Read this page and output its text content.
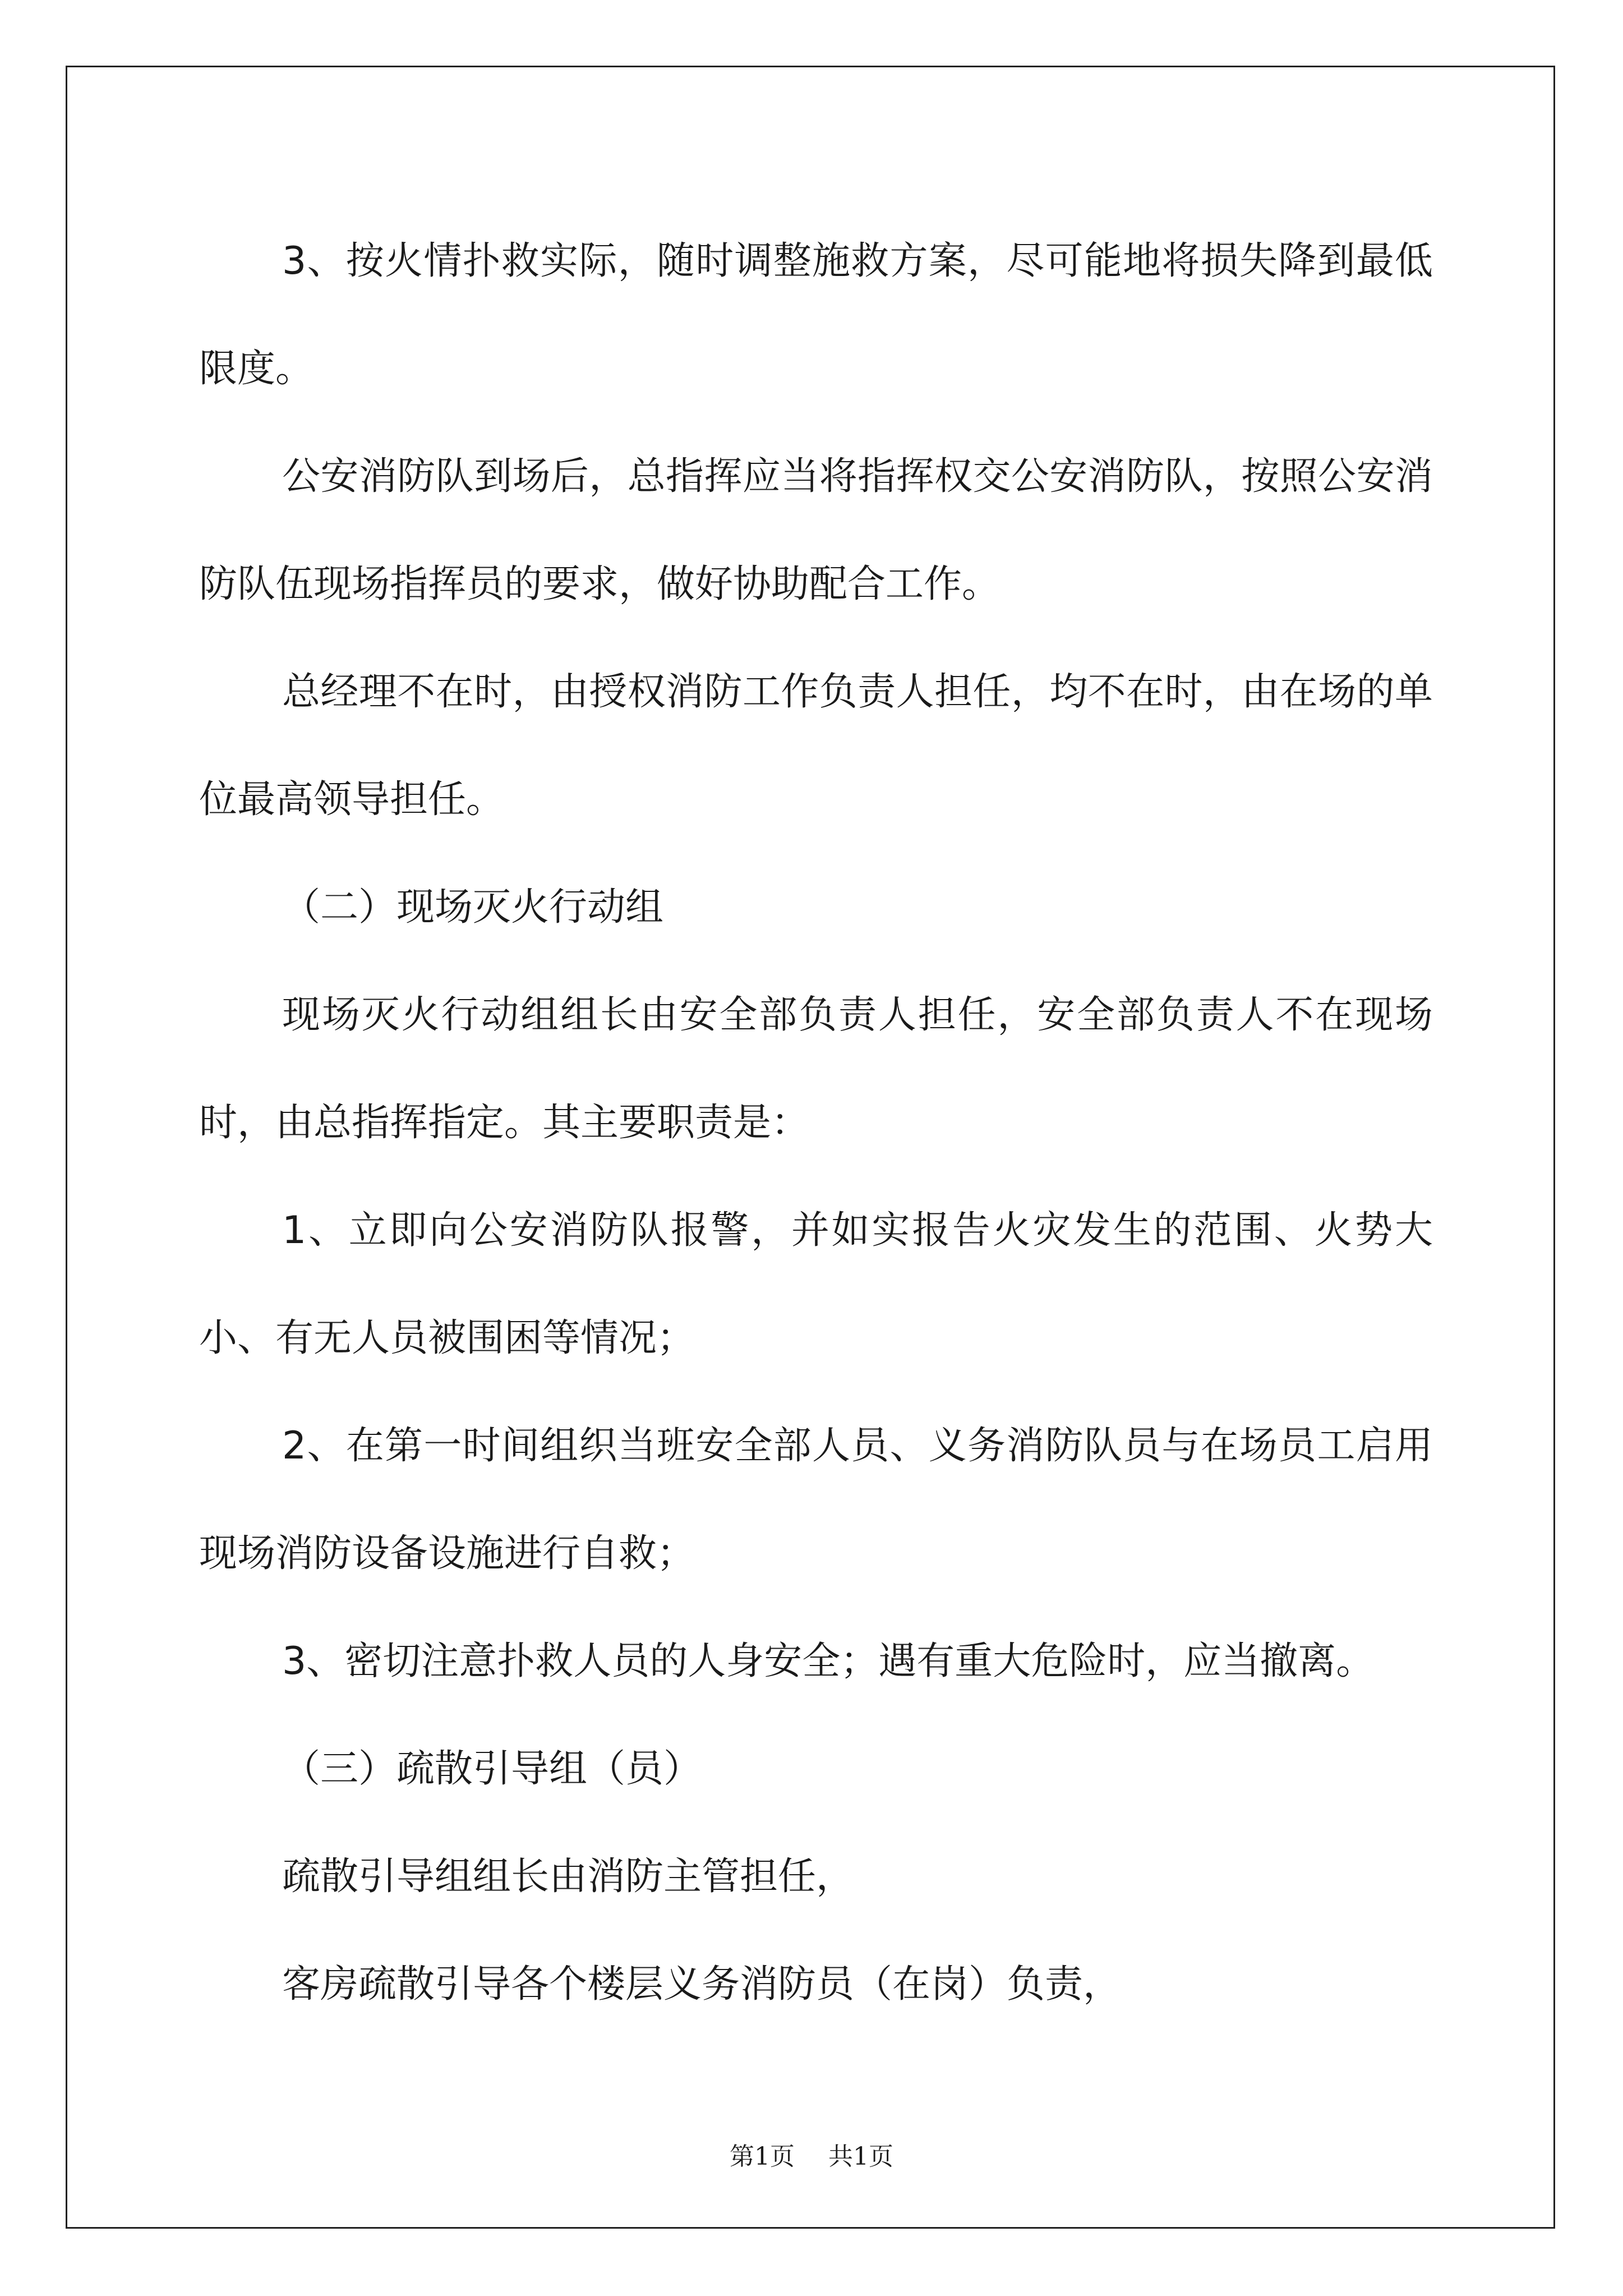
3、按火情扑救实际，随时调整施救方案，尽可能地将损失降到最低限度。

公安消防队到场后，总指挥应当将指挥权交公安消防队，按照公安消防队伍现场指挥员的要求，做好协助配合工作。

总经理不在时，由授权消防工作负责人担任，均不在时，由在场的单位最高领导担任。

（二）现场灭火行动组

现场灭火行动组组长由安全部负责人担任，安全部负责人不在现场时，由总指挥指定。其主要职责是：

1、立即向公安消防队报警，并如实报告火灾发生的范围、火势大小、有无人员被围困等情况；

2、在第一时间组织当班安全部人员、义务消防队员与在场员工启用现场消防设备设施进行自救；

3、密切注意扑救人员的人身安全；遇有重大危险时，应当撤离。

（三）疏散引导组（员）

疏散引导组组长由消防主管担任，

客房疏散引导各个楼层义务消防员（在岗）负责，

第1页 共1页
